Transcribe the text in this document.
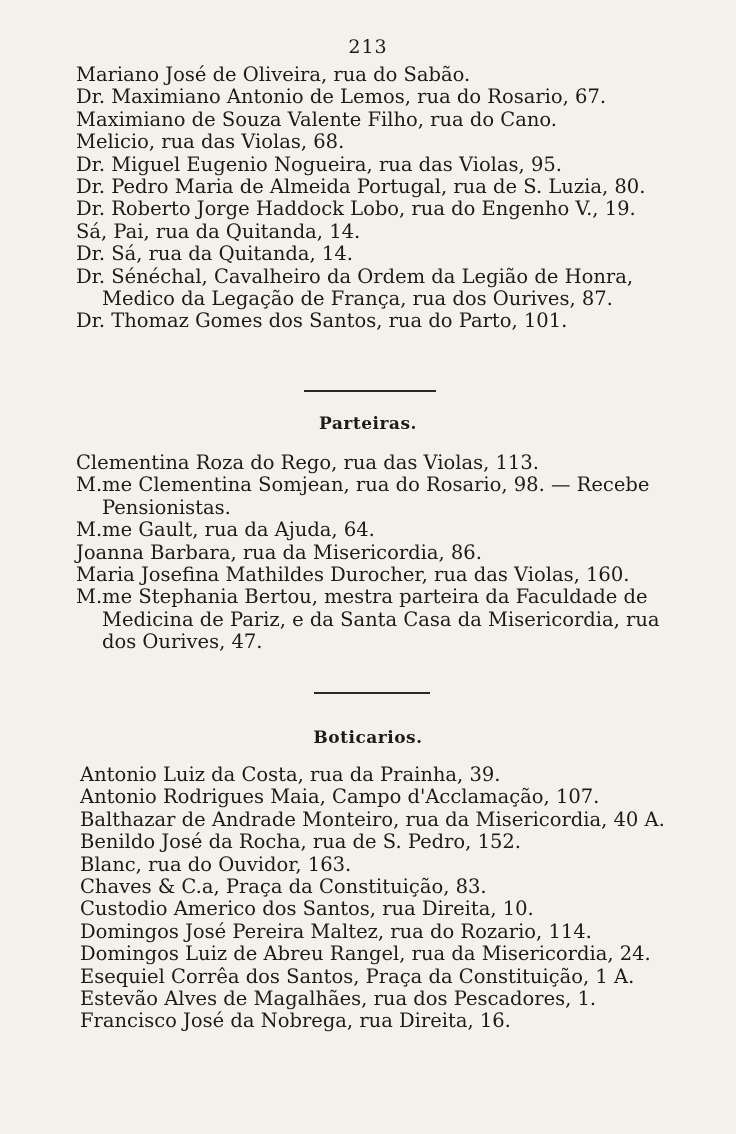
213
Mariano José de Oliveira, rua do Sabão.
Dr. Maximiano Antonio de Lemos, rua do Rosario, 67.
Maximiano de Souza Valente Filho, rua do Cano.
Melicio, rua das Violas, 68.
Dr. Miguel Eugenio Nogueira, rua das Violas, 95.
Dr. Pedro Maria de Almeida Portugal, rua de S. Luzia, 80.
Dr. Roberto Jorge Haddock Lobo, rua do Engenho V., 19.
Sá, Pai, rua da Quitanda, 14.
Dr. Sá, rua da Quitanda, 14.
Dr. Sénéchal, Cavalheiro da Ordem da Legião de Honra,
Medico da Legação de França, rua dos Ourives, 87.
Dr. Thomaz Gomes dos Santos, rua do Parto, 101.
Parteiras.
Clementina Roza do Rego, rua das Violas, 113.
M.me Clementina Somjean, rua do Rosario, 98. — Recebe
Pensionistas.
M.me Gault, rua da Ajuda, 64.
Joanna Barbara, rua da Misericordia, 86.
Maria Josefina Mathildes Durocher, rua das Violas, 160.
M.me Stephania Bertou, mestra parteira da Faculdade de
Medicina de Pariz, e da Santa Casa da Misericordia, rua
dos Ourives, 47.
Boticarios.
Antonio Luiz da Costa, rua da Prainha, 39.
Antonio Rodrigues Maia, Campo d'Acclamação, 107.
Balthazar de Andrade Monteiro, rua da Misericordia, 40 A.
Benildo José da Rocha, rua de S. Pedro, 152.
Blanc, rua do Ouvidor, 163.
Chaves & C.a, Praça da Constituição, 83.
Custodio Americo dos Santos, rua Direita, 10.
Domingos José Pereira Maltez, rua do Rozario, 114.
Domingos Luiz de Abreu Rangel, rua da Misericordia, 24.
Esequiel Corrêa dos Santos, Praça da Constituição, 1 A.
Estevão Alves de Magalhães, rua dos Pescadores, 1.
Francisco José da Nobrega, rua Direita, 16.
